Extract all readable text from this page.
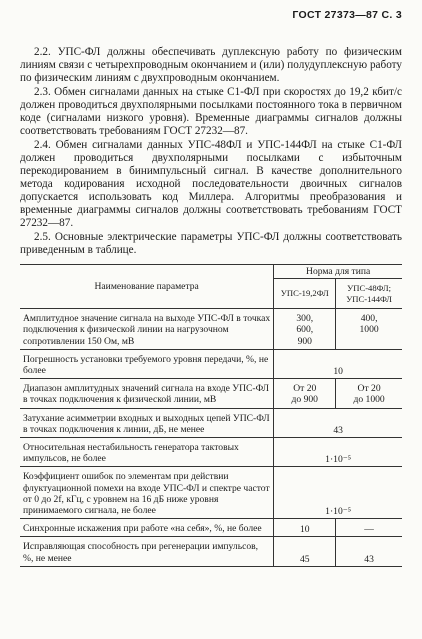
ГОСТ 27373—87 С. 3

2.2. УПС-ФЛ должны обеспечивать дуплексную работу по физическим линиям связи с четырехпроводным окончанием и (или) полудуплексную работу по физическим линиям с двухпроводным окончанием.

2.3. Обмен сигналами данных на стыке С1-ФЛ при скоростях до 19,2 кбит/с должен проводиться двухполярными посылками постоянного тока в первичном коде (сигналами низкого уровня). Временные диаграммы сигналов должны соответствовать требованиям ГОСТ 27232—87.

2.4. Обмен сигналами данных УПС-48ФЛ и УПС-144ФЛ на стыке С1-ФЛ должен проводиться двухполярными посылками с избыточным перекодированием в бинимпульсный сигнал. В качестве дополнительного метода кодирования исходной последовательности двоичных сигналов допускается использовать код Миллера. Алгоритмы преобразования и временные диаграммы сигналов должны соответствовать требованиям ГОСТ 27232—87.

2.5. Основные электрические параметры УПС-ФЛ должны соответствовать приведенным в таблице.

Наименование параметра	Норма для типа	
	УПС-19,2ФЛ	УПС-48ФЛ;
УПС-144ФЛ
Амплитудное значение сигнала на выходе УПС-ФЛ в точках подключения к физической линии на нагрузочном сопротивлении 150 Ом, мВ	300,
600,
900	400,
1000
Погрешность установки требуемого уровня передачи, %, не более	10	
Диапазон амплитудных значений сигнала на входе УПС-ФЛ в точках подключения к физической линии, мВ	От 20
до 900	От 20
до 1000
Затухание асимметрии входных и выходных цепей УПС-ФЛ в точках подключения к линии, дБ, не менее	43	
Относительная нестабильность генератора тактовых импульсов, не более	1·10⁻⁵	
Коэффициент ошибок по элементам при действии флуктуационной помехи на входе УПС-ФЛ и спектре частот от 0 до 2f, кГц, с уровнем на 16 дБ ниже уровня принимаемого сигнала, не более	1·10⁻⁵	
Синхронные искажения при работе «на себя», %, не более	10	—
Исправляющая способность при регенерации импульсов, %, не менее	45	43
